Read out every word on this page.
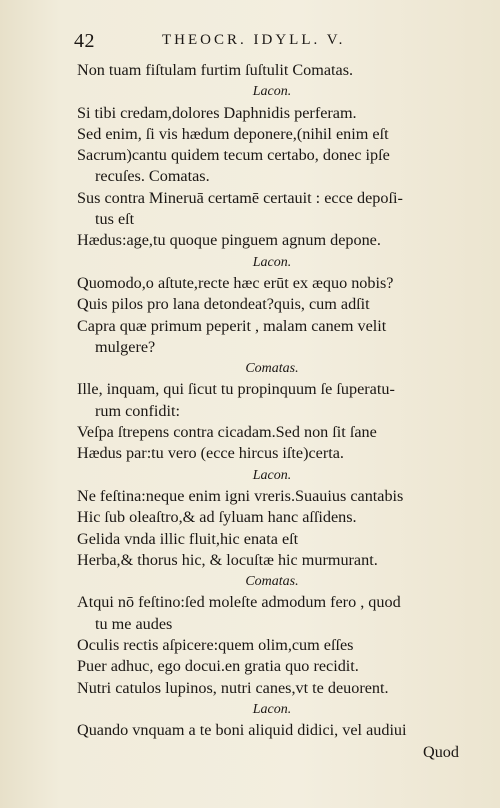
42	THEOCR. IDYLL. V.
Non tuam fiſtulam furtim ſuſtulit Comatas.
Lacon.
Si tibi credam,dolores Daphnidis perferam.
Sed enim, ſi vis hædum deponere,(nihil enim eſt
Sacrum)cantu quidem tecum certabo, donec ipſe
recuſes. Comatas.
Sus contra Mineruā certamē certauit : ecce depoſi-
tus eſt
Hædus:age,tu quoque pinguem agnum depone.
Lacon.
Quomodo,o aſtute,recte hæc erūt ex æquo nobis?
Quis pilos pro lana detondeat?quis, cum adſit
Capra quæ primum peperit , malam canem velit
mulgere?
Comatas.
Ille, inquam, qui ſicut tu propinquum ſe ſuperatu-
rum confidit:
Veſpa ſtrepens contra cicadam.Sed non ſit ſane
Hædus par:tu vero (ecce hircus iſte)certa.
Lacon.
Ne feſtina:neque enim igni vreris.Suauius cantabis
Hic ſub oleaſtro,& ad ſyluam hanc aſſidens.
Gelida vnda illic fluit,hic enata eſt
Herba,& thorus hic, & locuſtæ hic murmurant.
Comatas.
Atqui nō feſtino:ſed moleſte admodum fero , quod
tu me audes
Oculis rectis aſpicere:quem olim,cum eſſes
Puer adhuc, ego docui.en gratia quo recidit.
Nutri catulos lupinos, nutri canes,vt te deuorent.
Lacon.
Quando vnquam a te boni aliquid didici, vel audiui
Quod
